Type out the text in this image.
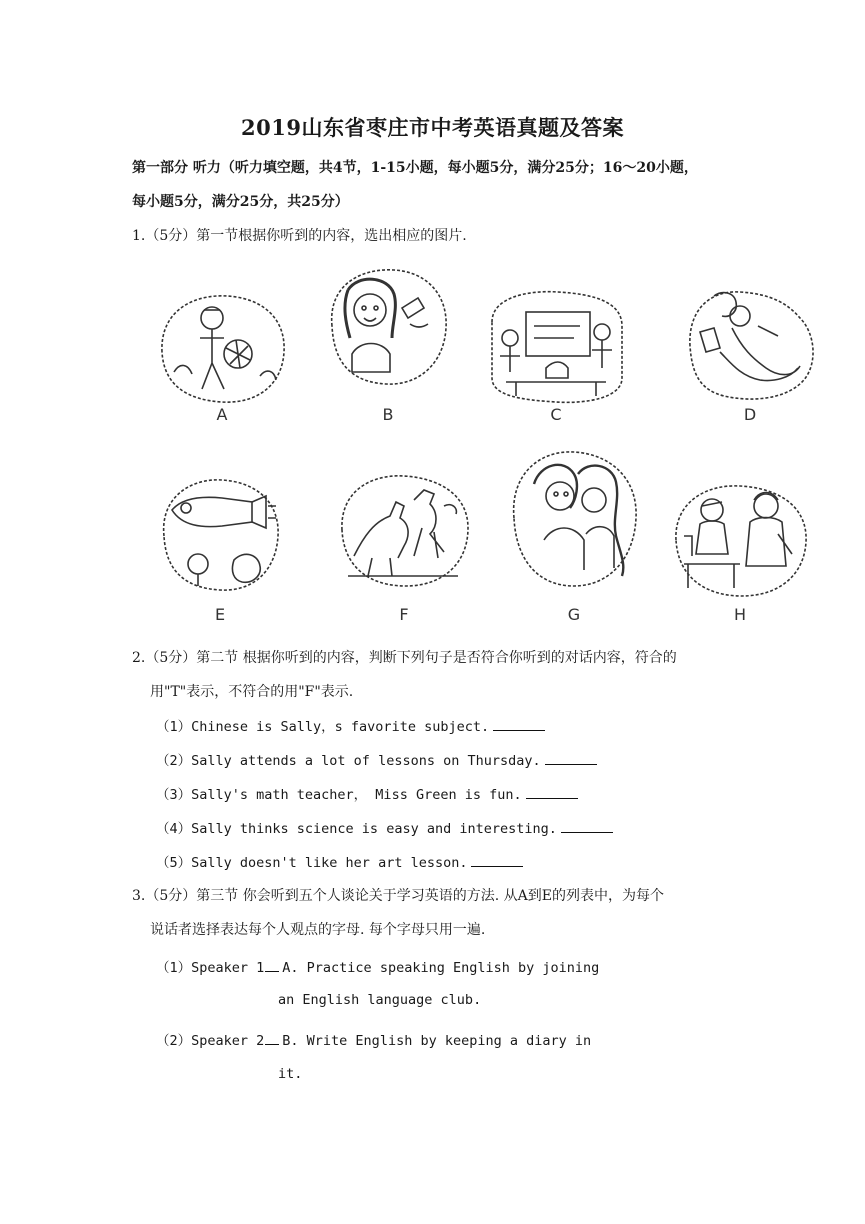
2019山东省枣庄市中考英语真题及答案
第一部分 听力（听力填空题，共4节，1-15小题，每小题5分，满分25分；16～20小题，
每小题5分，满分25分，共25分）
1.（5分）第一节根据你听到的内容，选出相应的图片.
A	B	C	D
E	F	G	H
2.（5分）第二节 根据你听到的内容，判断下列句子是否符合你听到的对话内容，符合的
用"T"表示，不符合的用"F"表示.
（1）Chinese is Sally，s favorite subject.
（2）Sally attends a lot of lessons on Thursday.
（3）Sally's math teacher， Miss Green is fun.
（4）Sally thinks science is easy and interesting.
（5）Sally doesn't like her art lesson.
3.（5分）第三节 你会听到五个人谈论关于学习英语的方法. 从A到E的列表中，为每个
说话者选择表达每个人观点的字母. 每个字母只用一遍.
（1）Speaker 1 A. Practice speaking English by joining
an English language club.
（2）Speaker 2 B. Write English by keeping a diary in
it.
